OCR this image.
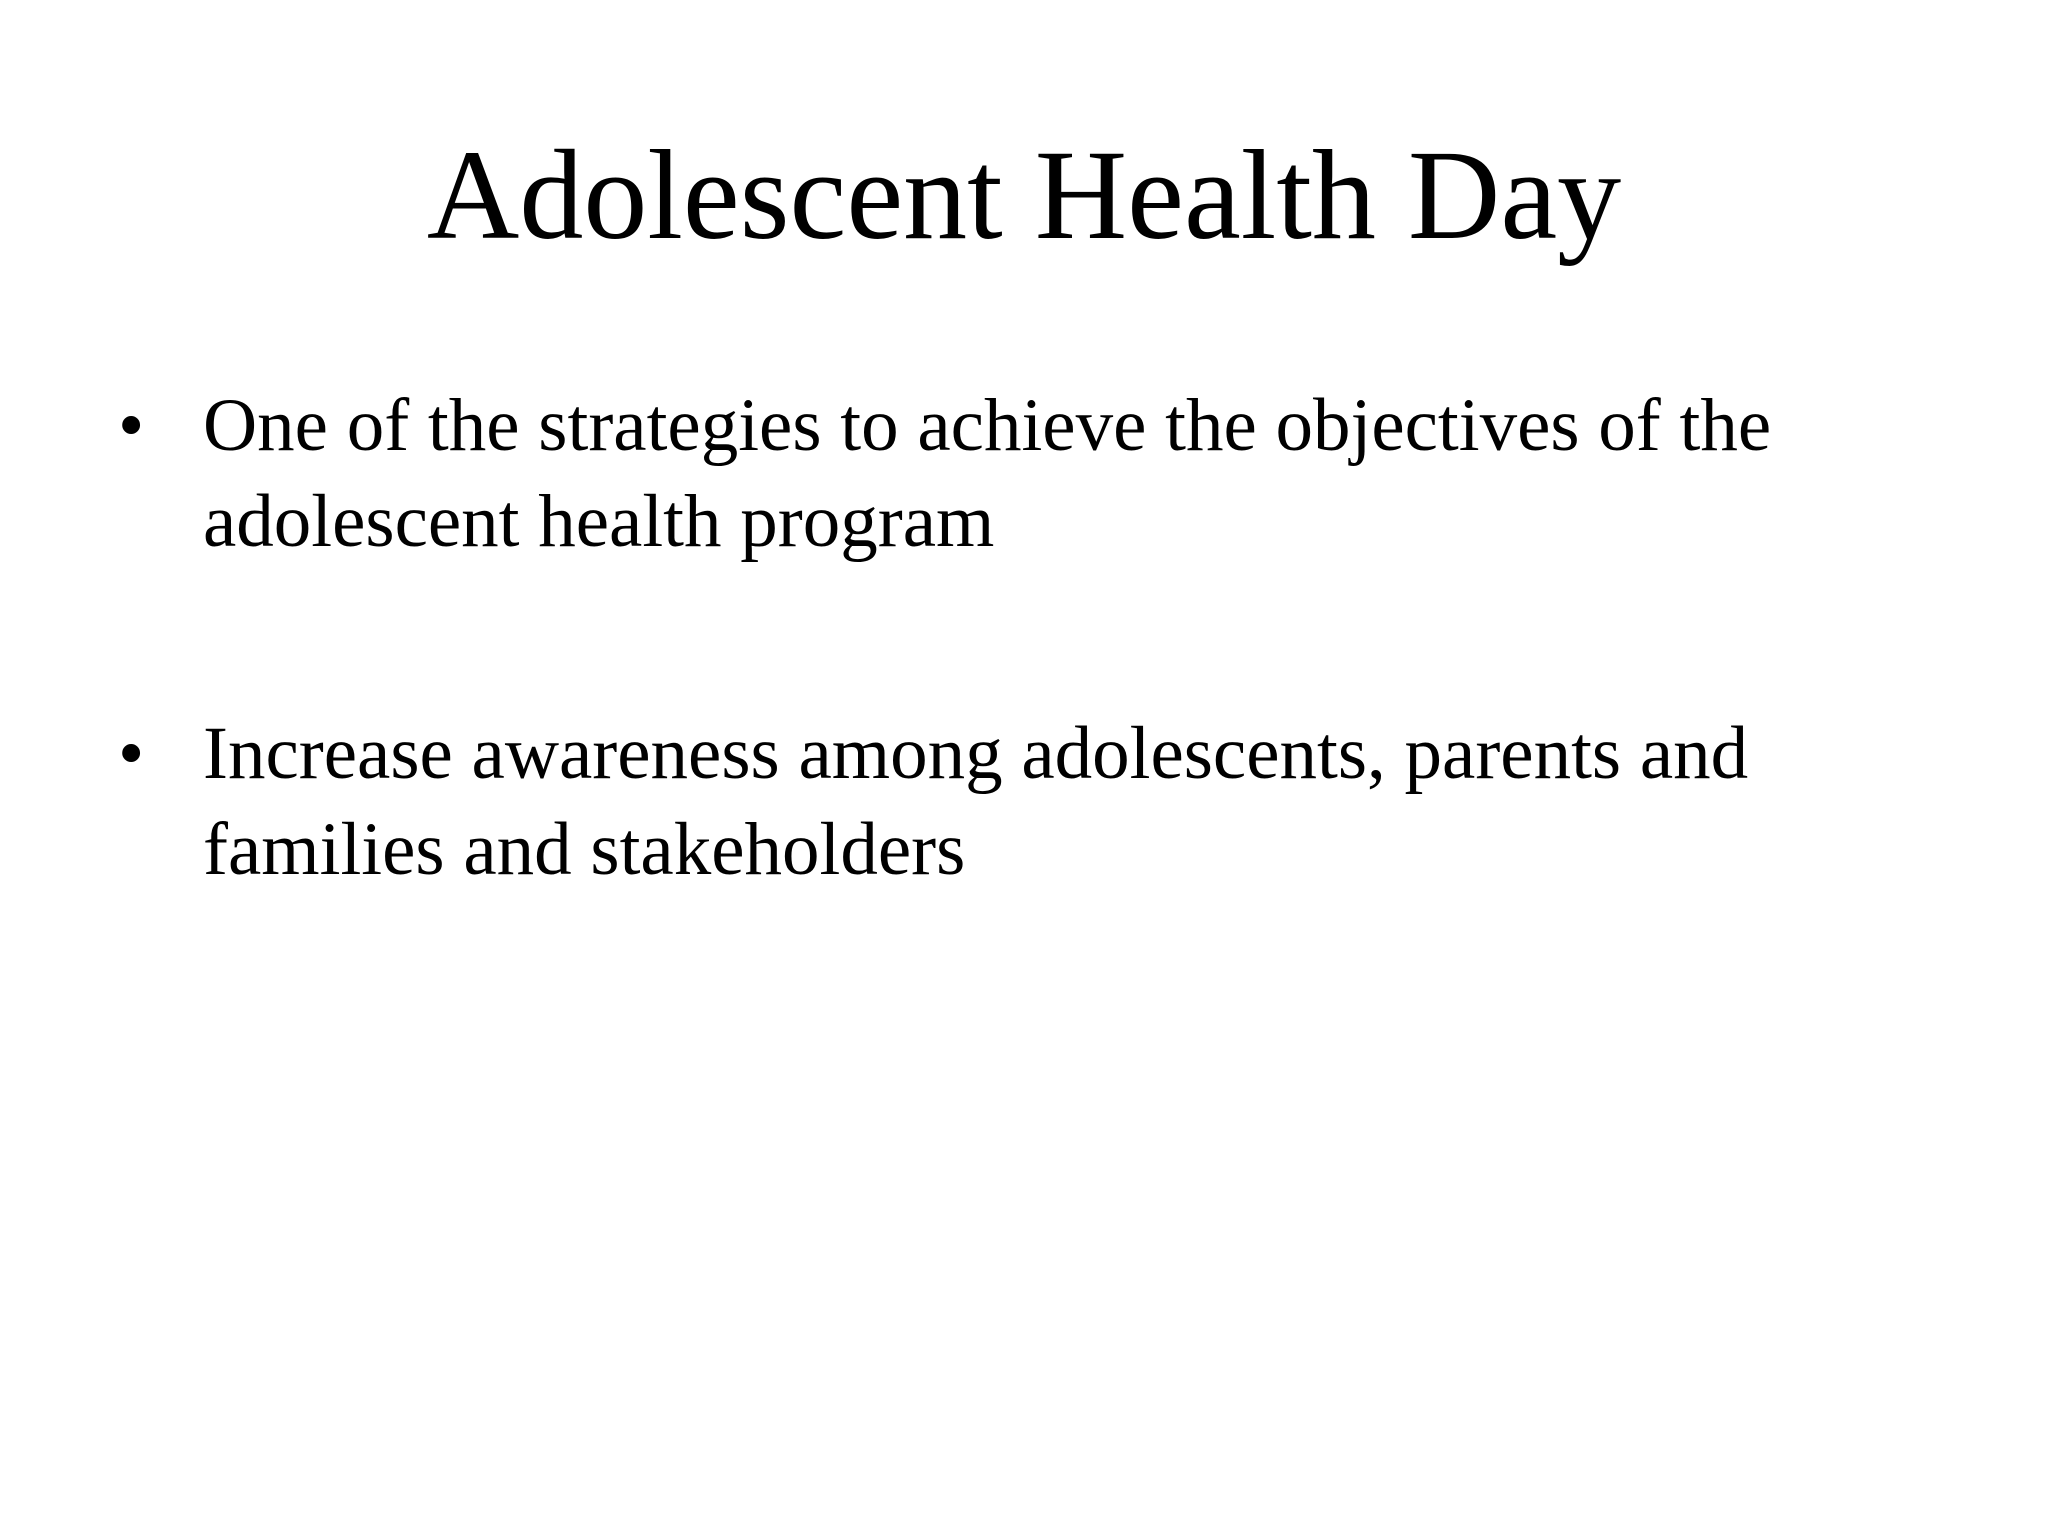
Adolescent Health Day
• One of the strategies to achieve the objectives of the adolescent health program
• Increase awareness among adolescents, parents and families and stakeholders
